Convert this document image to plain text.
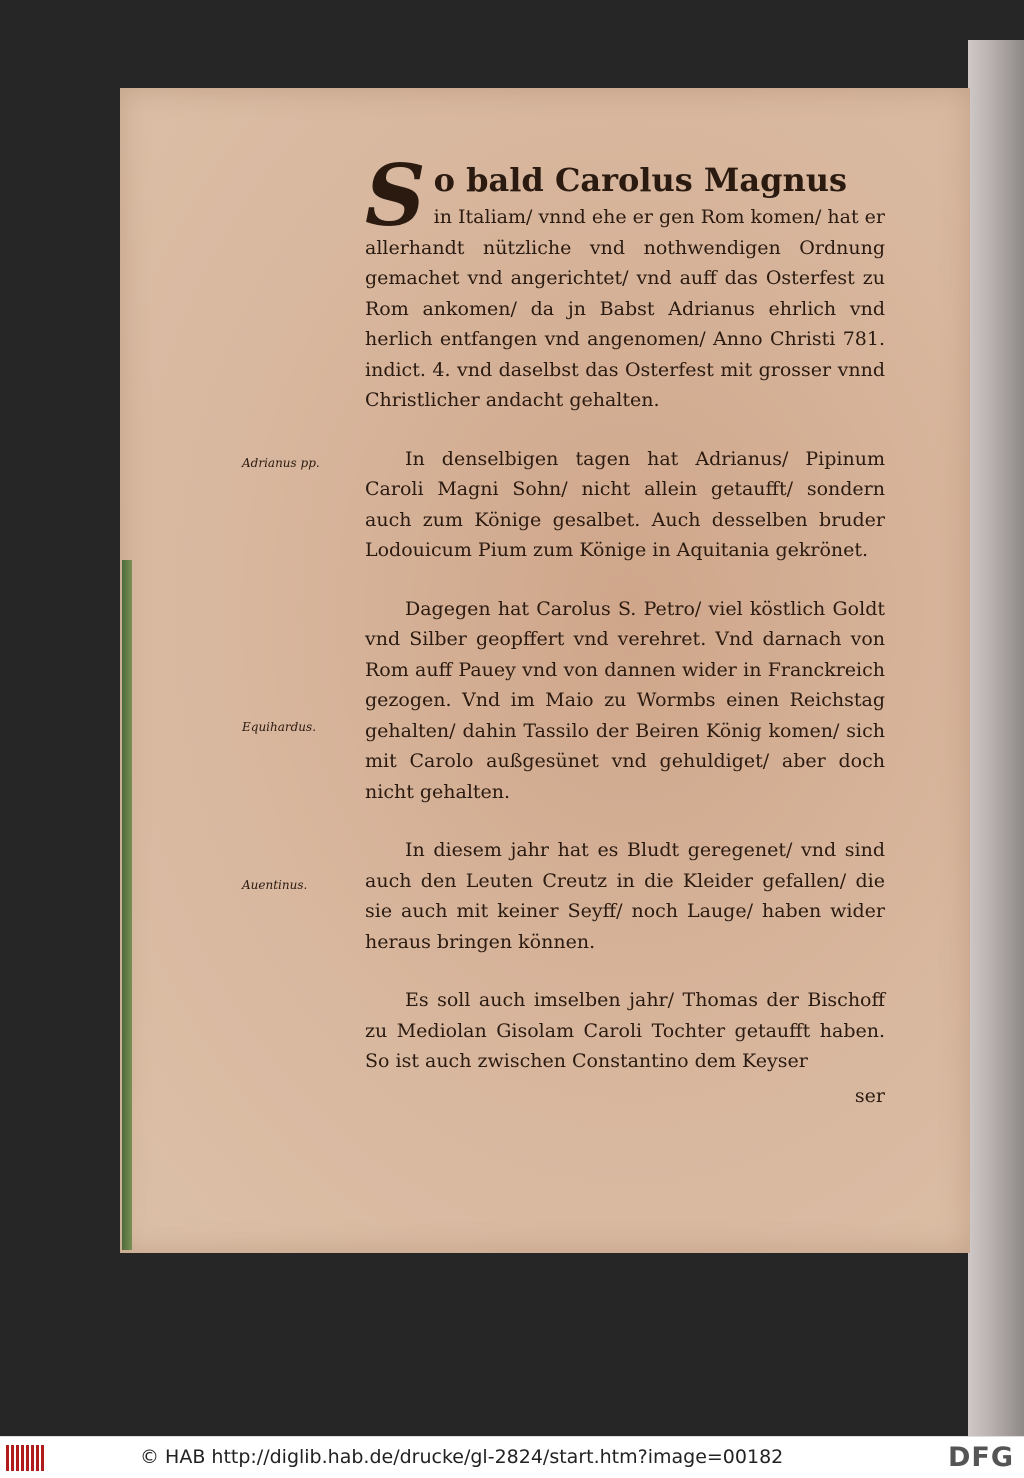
S o bald Carolus Magnus
in Italiam/ vnnd ehe er gen Rom komen/ hat er allerhandt nützliche vnd nothwendigen Ordnung gemachet vnd angerichtet/ vnd auff das Osterfest zu Rom ankomen/ da jn Babst Adrianus ehrlich vnd herlich entfangen vnd angenomen/ Anno Christi 781. indict. 4. vnd daselbst das Osterfest mit grosser vnnd Christlicher andacht gehalten.

In denselbigen tagen hat Adrianus/ Pipinum Caroli Magni Sohn/ nicht allein getaufft/ sondern auch zum Könige gesalbet. Auch desselben bruder Lodouicum Pium zum Könige in Aquitania gekrönet.

Dagegen hat Carolus S. Petro/ viel köstlich Goldt vnd Silber geopffert vnd verehret. Vnd darnach von Rom auff Pauey vnd von dannen wider in Franckreich gezogen. Vnd im Maio zu Wormbs einen Reichstag gehalten/ dahin Tassilo der Beiren König komen/ sich mit Carolo außgesünet vnd gehuldiget/ aber doch nicht gehalten.

In diesem jahr hat es Bludt geregenet/ vnd sind auch den Leuten Creutz in die Kleider gefallen/ die sie auch mit keiner Seyff/ noch Lauge/ haben wider heraus bringen können.

Es soll auch imselben jahr/ Thomas der Bischoff zu Mediolan Gisolam Caroli Tochter getaufft haben. So ist auch zwischen Constantino dem Keyser

ser
Adrianus pp.
Equihardus.
Auentinus.
© HAB http://diglib.hab.de/drucke/gl-2824/start.htm?image=00182	DFG
